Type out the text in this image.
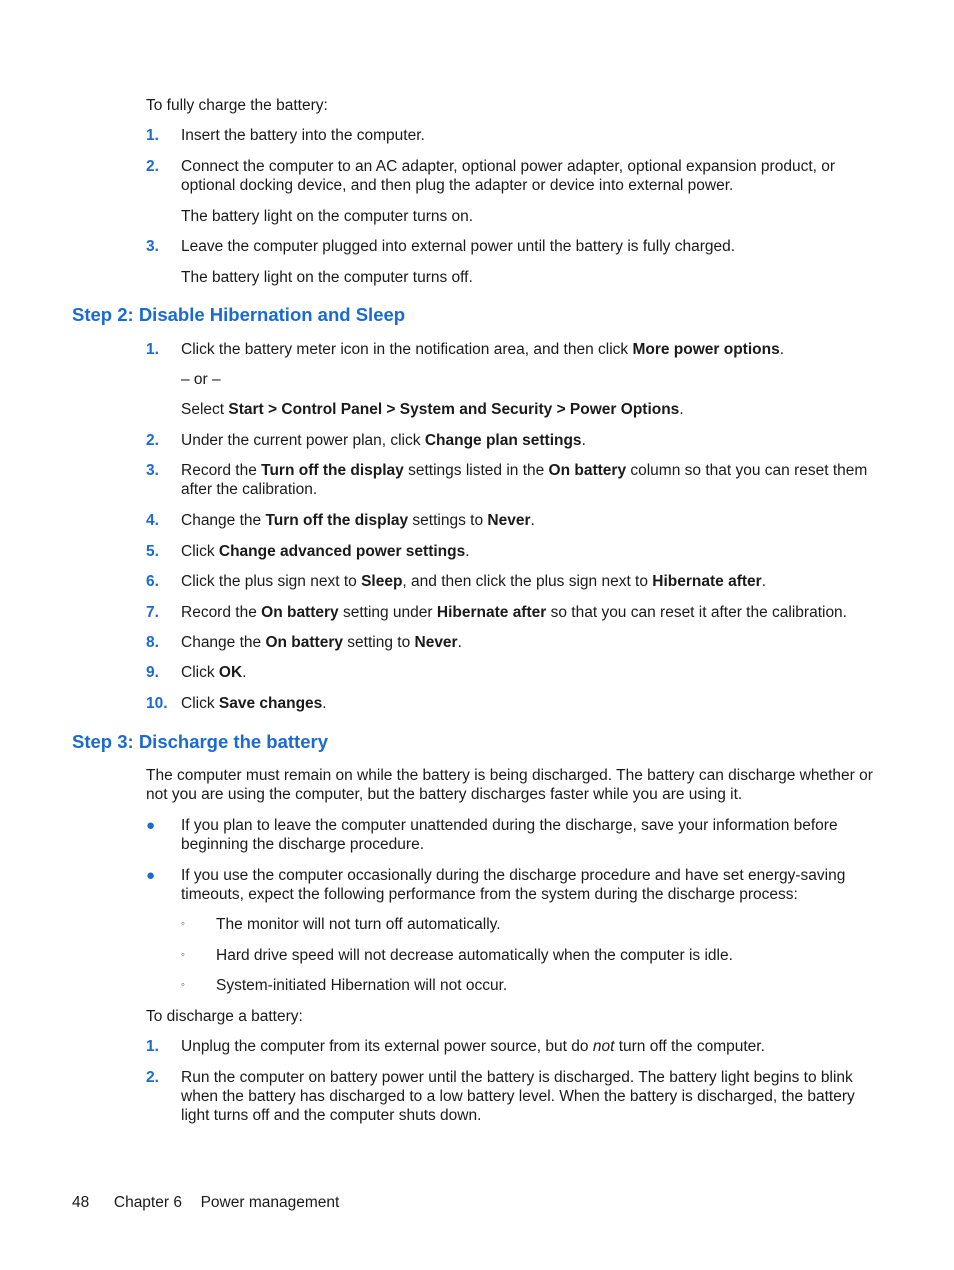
To fully charge the battery:

1. Insert the battery into the computer.
2. Connect the computer to an AC adapter, optional power adapter, optional expansion product, or optional docking device, and then plug the adapter or device into external power.

The battery light on the computer turns on.

3. Leave the computer plugged into external power until the battery is fully charged.

The battery light on the computer turns off.

Step 2: Disable Hibernation and Sleep
1. Click the battery meter icon in the notification area, and then click More power options.

– or –

Select Start > Control Panel > System and Security > Power Options.

2. Under the current power plan, click Change plan settings.
3. Record the Turn off the display settings listed in the On battery column so that you can reset them after the calibration.
4. Change the Turn off the display settings to Never.
5. Click Change advanced power settings.
6. Click the plus sign next to Sleep, and then click the plus sign next to Hibernate after.
7. Record the On battery setting under Hibernate after so that you can reset it after the calibration.
8. Change the On battery setting to Never.
9. Click OK.
10. Click Save changes.
Step 3: Discharge the battery

The computer must remain on while the battery is being discharged. The battery can discharge whether or not you are using the computer, but the battery discharges faster while you are using it.

● If you plan to leave the computer unattended during the discharge, save your information before beginning the discharge procedure.
● If you use the computer occasionally during the discharge procedure and have set energy-saving timeouts, expect the following performance from the system during the discharge process:
◦ The monitor will not turn off automatically.
◦ Hard drive speed will not decrease automatically when the computer is idle.
◦ System-initiated Hibernation will not occur.

To discharge a battery:

1. Unplug the computer from its external power source, but do not turn off the computer.
2. Run the computer on battery power until the battery is discharged. The battery light begins to blink when the battery has discharged to a low battery level. When the battery is discharged, the battery light turns off and the computer shuts down.
48 Chapter 6 Power management
